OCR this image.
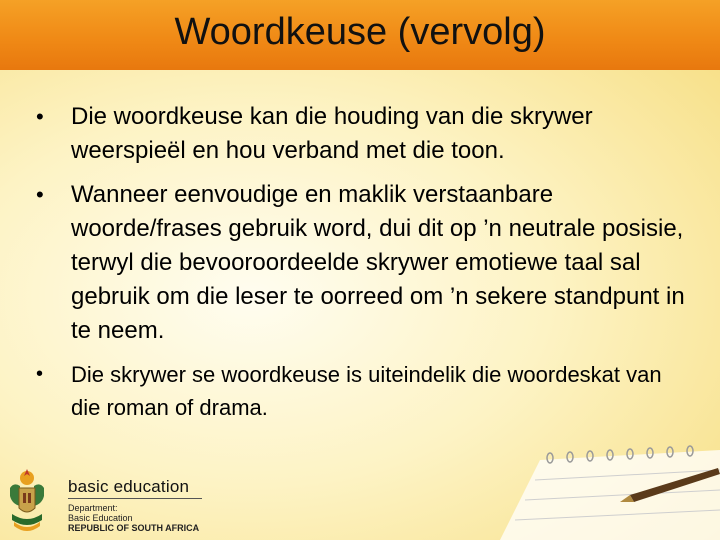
Woordkeuse (vervolg)
•	Die woordkeuse kan die houding van die skrywer weerspieël en hou verband met die toon.
•	Wanneer eenvoudige en maklik verstaanbare woorde/frases gebruik word, dui dit op ’n neutrale posisie, terwyl die bevooroordeelde skrywer emotiewe taal sal gebruik om die leser te oorreed om ’n sekere standpunt in te neem.
•	Die skrywer se woordkeuse is uiteindelik die woordeskat van die roman of drama.
basic education
Department:
Basic Education
REPUBLIC OF SOUTH AFRICA
